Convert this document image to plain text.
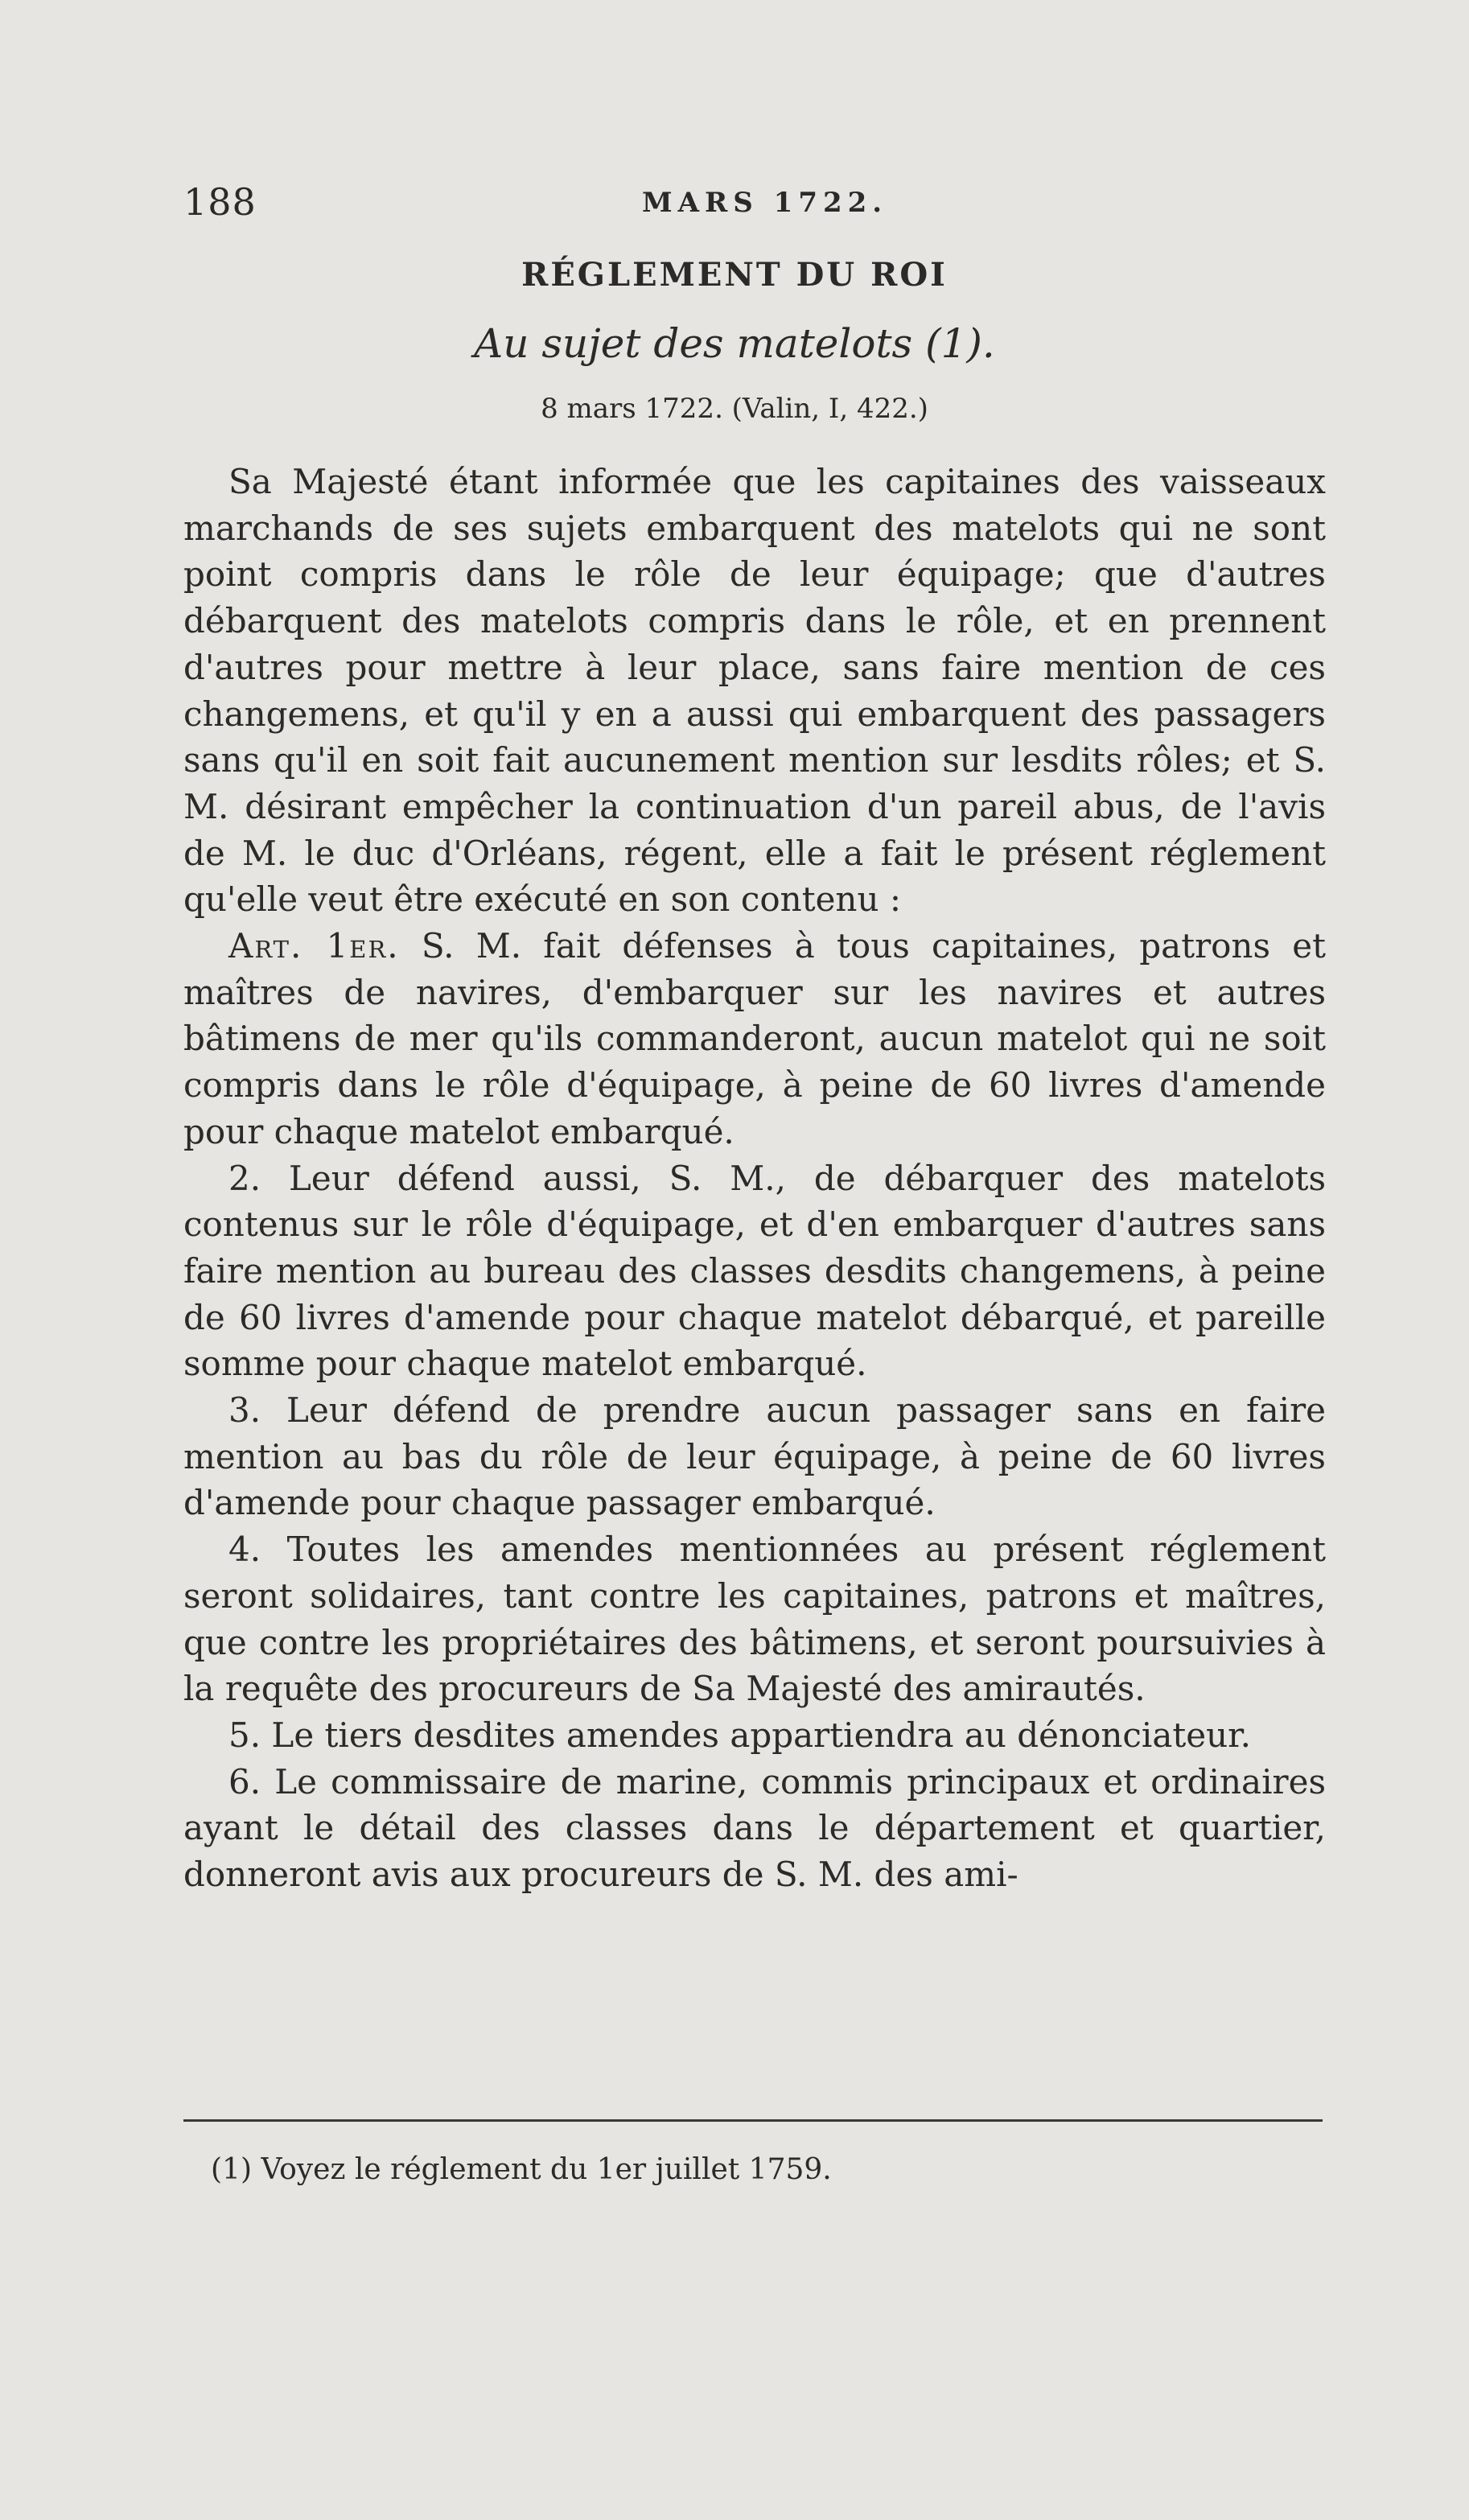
188	MARS 1722.
RÉGLEMENT DU ROI
Au sujet des matelots (1).
8 mars 1722. (Valin, I, 422.)

Sa Majesté étant informée que les capitaines des vaisseaux marchands de ses sujets embarquent des matelots qui ne sont point compris dans le rôle de leur équipage; que d'autres débarquent des matelots compris dans le rôle, et en prennent d'autres pour mettre à leur place, sans faire mention de ces changemens, et qu'il y en a aussi qui embarquent des passagers sans qu'il en soit fait aucunement mention sur lesdits rôles; et S. M. désirant empêcher la continuation d'un pareil abus, de l'avis de M. le duc d'Orléans, régent, elle a fait le présent réglement qu'elle veut être exécuté en son contenu :

Art. 1er. S. M. fait défenses à tous capitaines, patrons et maîtres de navires, d'embarquer sur les navires et autres bâtimens de mer qu'ils commanderont, aucun matelot qui ne soit compris dans le rôle d'équipage, à peine de 60 livres d'amende pour chaque matelot embarqué.

2. Leur défend aussi, S. M., de débarquer des matelots contenus sur le rôle d'équipage, et d'en embarquer d'autres sans faire mention au bureau des classes desdits changemens, à peine de 60 livres d'amende pour chaque matelot débarqué, et pareille somme pour chaque matelot embarqué.

3. Leur défend de prendre aucun passager sans en faire mention au bas du rôle de leur équipage, à peine de 60 livres d'amende pour chaque passager embarqué.

4. Toutes les amendes mentionnées au présent réglement seront solidaires, tant contre les capitaines, patrons et maîtres, que contre les propriétaires des bâtimens, et seront poursuivies à la requête des procureurs de Sa Majesté des amirautés.

5. Le tiers desdites amendes appartiendra au dénonciateur.

6. Le commissaire de marine, commis principaux et ordinaires ayant le détail des classes dans le département et quartier, donneront avis aux procureurs de S. M. des ami-

(1) Voyez le réglement du 1er juillet 1759.
